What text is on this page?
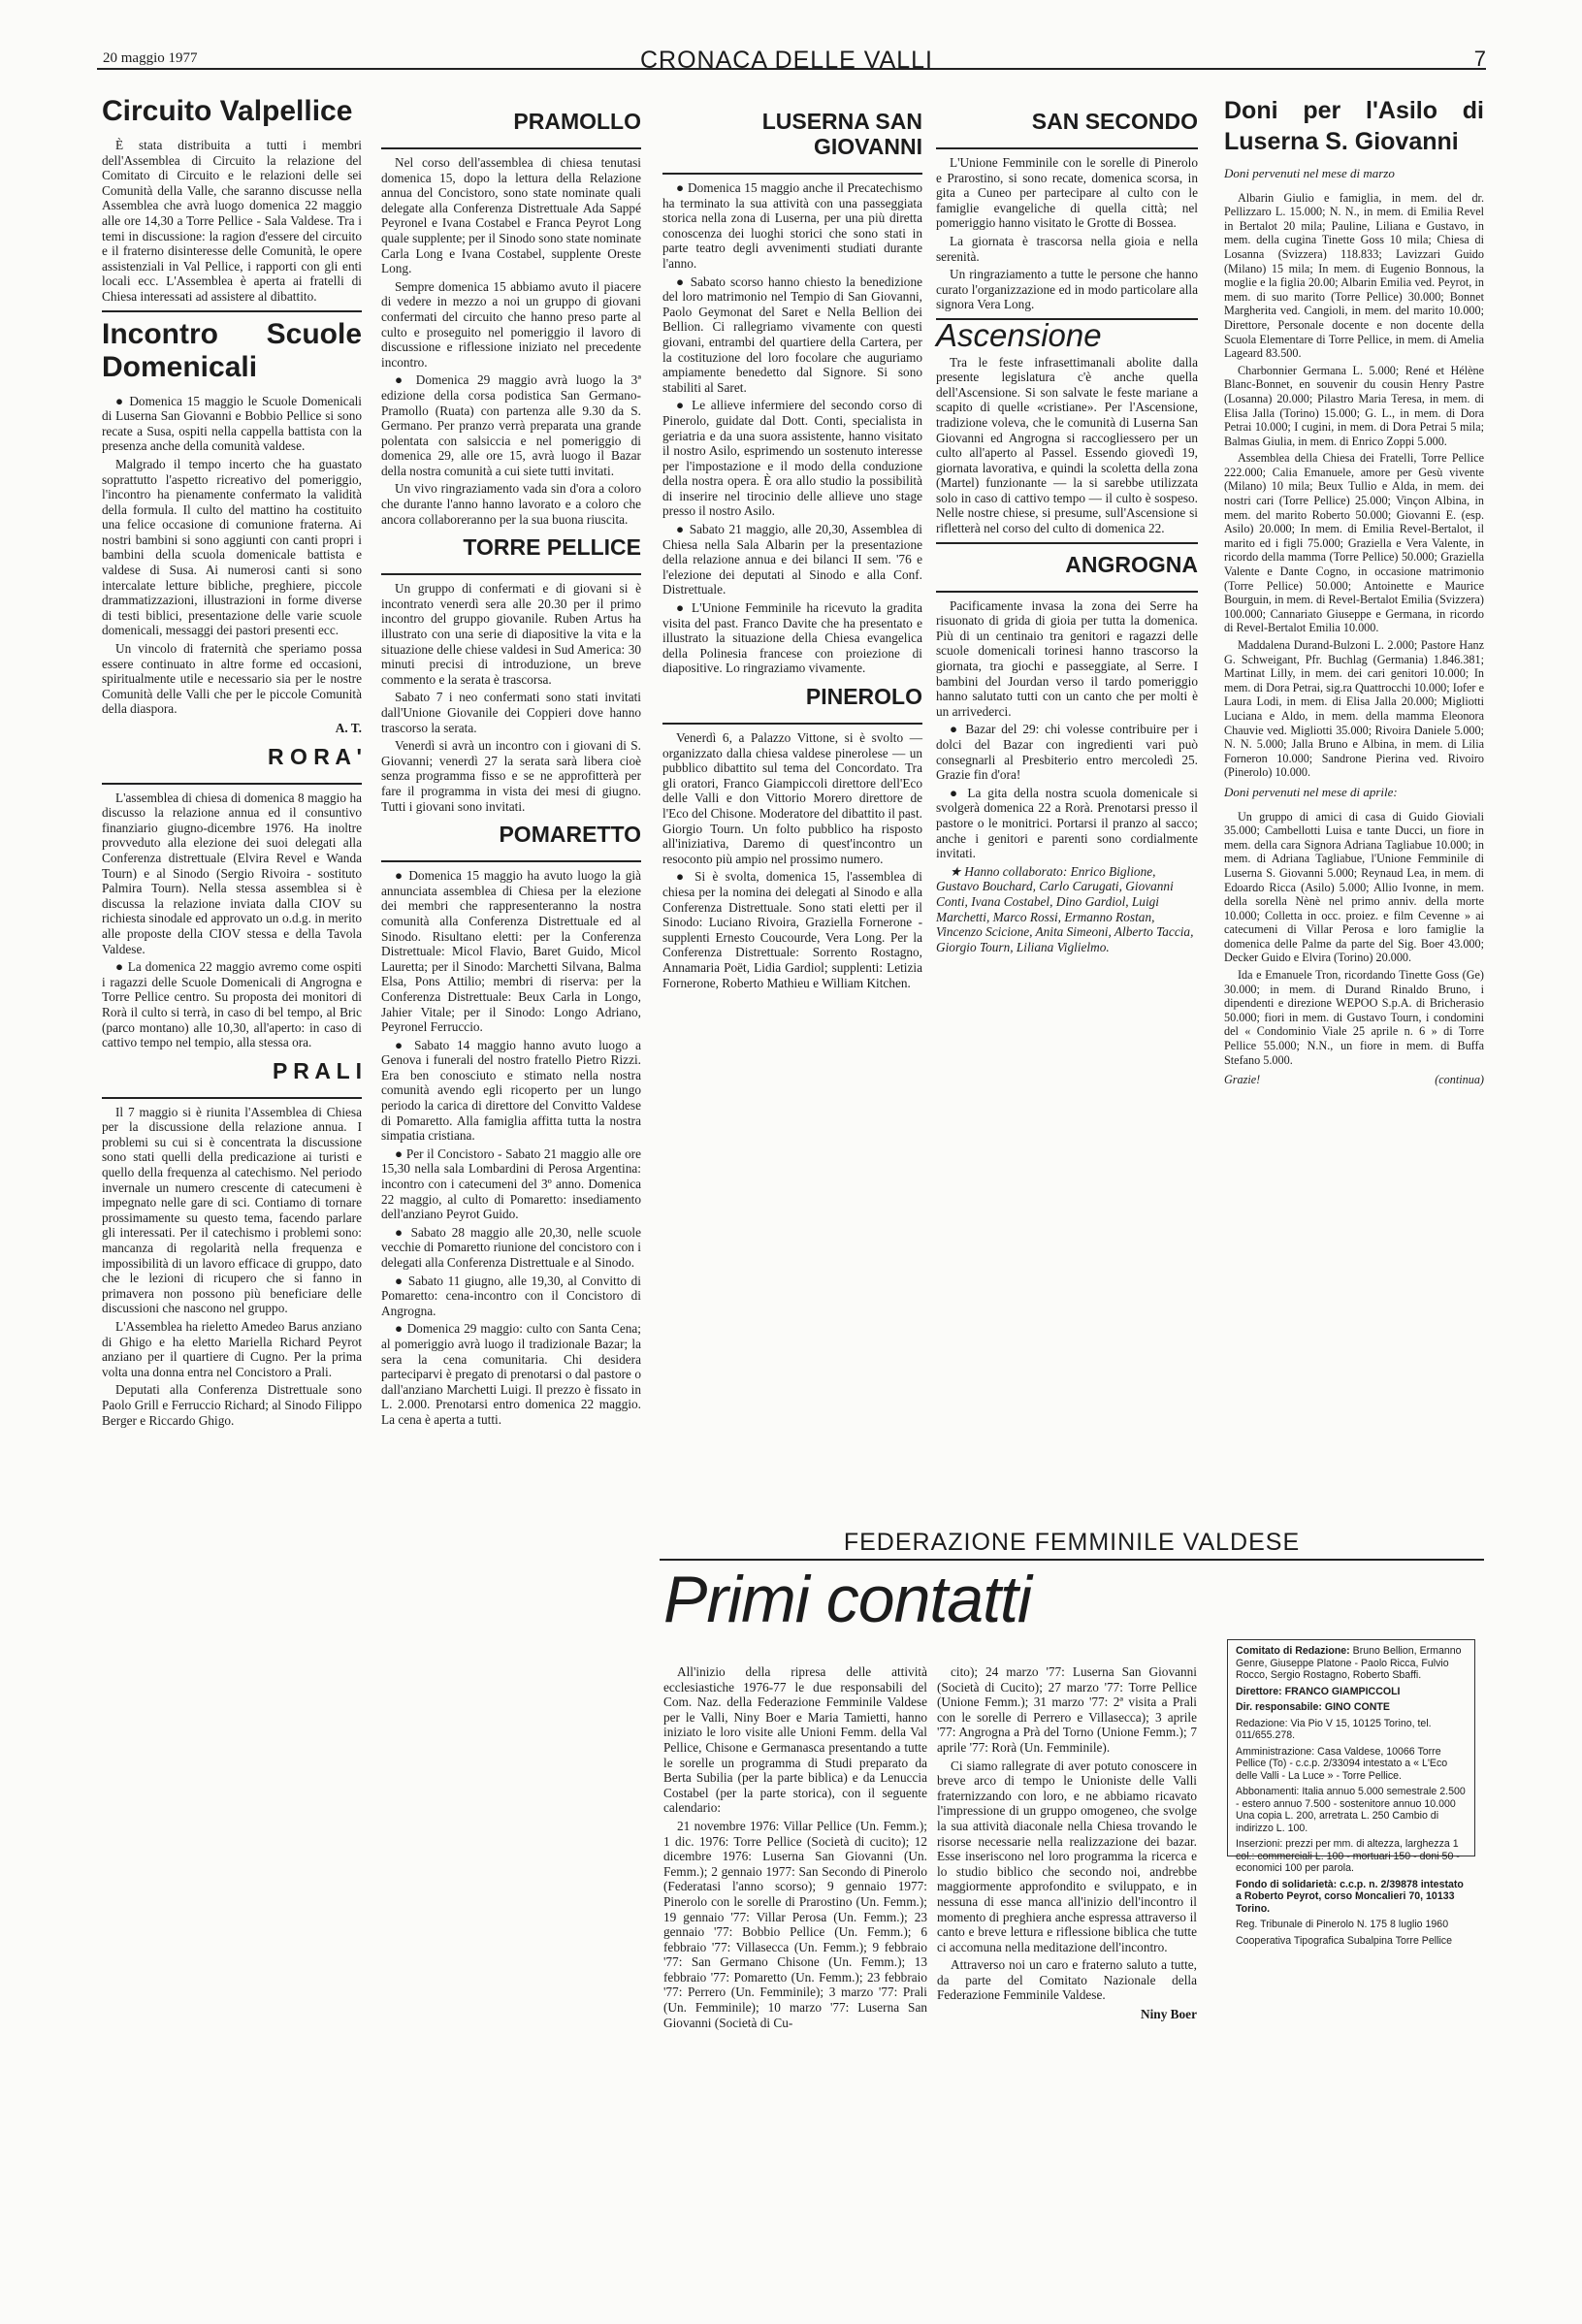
20 maggio 1977	CRONACA DELLE VALLI	7
Circuito Valpellice

È stata distribuita a tutti i membri dell'Assemblea di Circuito la relazione del Comitato di Circuito e le relazioni delle sei Comunità della Valle, che saranno discusse nella Assemblea che avrà luogo domenica 22 maggio alle ore 14,30 a Torre Pellice - Sala Valdese. Tra i temi in discussione: la ragion d'essere del circuito e il fraterno disinteresse delle Comunità, le opere assistenziali in Val Pellice, i rapporti con gli enti locali ecc. L'Assemblea è aperta ai fratelli di Chiesa interessati ad assistere al dibattito.

Incontro Scuole Domenicali

● Domenica 15 maggio le Scuole Domenicali di Luserna San Giovanni e Bobbio Pellice si sono recate a Susa, ospiti nella cappella battista con la presenza anche della comunità valdese.

Malgrado il tempo incerto che ha guastato soprattutto l'aspetto ricreativo del pomeriggio, l'incontro ha pienamente confermato la validità della formula. Il culto del mattino ha costituito una felice occasione di comunione fraterna. Ai nostri bambini si sono aggiunti con canti propri i bambini della scuola domenicale battista e valdese di Susa. Ai numerosi canti si sono intercalate letture bibliche, preghiere, piccole drammatizzazioni, illustrazioni in forme diverse di testi biblici, presentazione delle varie scuole domenicali, messaggi dei pastori presenti ecc.

Un vincolo di fraternità che speriamo possa essere continuato in altre forme ed occasioni, spiritualmente utile e necessario sia per le nostre Comunità delle Valli che per le piccole Comunità della diaspora.

A. T.
R O R A '

L'assemblea di chiesa di domenica 8 maggio ha discusso la relazione annua ed il consuntivo finanziario giugno-dicembre 1976. Ha inoltre provveduto alla elezione dei suoi delegati alla Conferenza distrettuale (Elvira Revel e Wanda Tourn) e al Sinodo (Sergio Rivoira - sostituto Palmira Tourn). Nella stessa assemblea si è discussa la relazione inviata dalla CIOV su richiesta sinodale ed approvato un o.d.g. in merito alle proposte della CIOV stessa e della Tavola Valdese.

● La domenica 22 maggio avremo come ospiti i ragazzi delle Scuole Domenicali di Angrogna e Torre Pellice centro. Su proposta dei monitori di Rorà il culto si terrà, in caso di bel tempo, al Bric (parco montano) alle 10,30, all'aperto: in caso di cattivo tempo nel tempio, alla stessa ora.

P R A L I

Il 7 maggio si è riunita l'Assemblea di Chiesa per la discussione della relazione annua. I problemi su cui si è concentrata la discussione sono stati quelli della predicazione ai turisti e quello della frequenza al catechismo. Nel periodo invernale un numero crescente di catecumeni è impegnato nelle gare di sci. Contiamo di tornare prossimamente su questo tema, facendo parlare gli interessati. Per il catechismo i problemi sono: mancanza di regolarità nella frequenza e impossibilità di un lavoro efficace di gruppo, dato che le lezioni di ricupero che si fanno in primavera non possono più beneficiare delle discussioni che nascono nel gruppo.

L'Assemblea ha rieletto Amedeo Barus anziano di Ghigo e ha eletto Mariella Richard Peyrot anziano per il quartiere di Cugno. Per la prima volta una donna entra nel Concistoro a Prali.

Deputati alla Conferenza Distrettuale sono Paolo Grill e Ferruccio Richard; al Sinodo Filippo Berger e Riccardo Ghigo.

PRAMOLLO

Nel corso dell'assemblea di chiesa tenutasi domenica 15, dopo la lettura della Relazione annua del Concistoro, sono state nominate quali delegate alla Conferenza Distrettuale Ada Sappé Peyronel e Ivana Costabel e Franca Peyrot Long quale supplente; per il Sinodo sono state nominate Carla Long e Ivana Costabel, supplente Oreste Long.

Sempre domenica 15 abbiamo avuto il piacere di vedere in mezzo a noi un gruppo di giovani confermati del circuito che hanno preso parte al culto e proseguito nel pomeriggio il lavoro di discussione e riflessione iniziato nel precedente incontro.

● Domenica 29 maggio avrà luogo la 3ª edizione della corsa podistica San Germano-Pramollo (Ruata) con partenza alle 9.30 da S. Germano. Per pranzo verrà preparata una grande polentata con salsiccia e nel pomeriggio di domenica 29, alle ore 15, avrà luogo il Bazar della nostra comunità a cui siete tutti invitati.

Un vivo ringraziamento vada sin d'ora a coloro che durante l'anno hanno lavorato e a coloro che ancora collaboreranno per la sua buona riuscita.

TORRE PELLICE

Un gruppo di confermati e di giovani si è incontrato venerdì sera alle 20.30 per il primo incontro del gruppo giovanile. Ruben Artus ha illustrato con una serie di diapositive la vita e la situazione delle chiese valdesi in Sud America: 30 minuti precisi di introduzione, un breve commento e la serata è trascorsa.

Sabato 7 i neo confermati sono stati invitati dall'Unione Giovanile dei Coppieri dove hanno trascorso la serata.

Venerdì si avrà un incontro con i giovani di S. Giovanni; venerdì 27 la serata sarà libera cioè senza programma fisso e se ne approfitterà per fare il programma in vista dei mesi di giugno. Tutti i giovani sono invitati.

POMARETTO

● Domenica 15 maggio ha avuto luogo la già annunciata assemblea di Chiesa per la elezione dei membri che rappresenteranno la nostra comunità alla Conferenza Distrettuale ed al Sinodo. Risultano eletti: per la Conferenza Distrettuale: Micol Flavio, Baret Guido, Micol Lauretta; per il Sinodo: Marchetti Silvana, Balma Elsa, Pons Attilio; membri di riserva: per la Conferenza Distrettuale: Beux Carla in Longo, Jahier Vitale; per il Sinodo: Longo Adriano, Peyronel Ferruccio.

● Sabato 14 maggio hanno avuto luogo a Genova i funerali del nostro fratello Pietro Rizzi. Era ben conosciuto e stimato nella nostra comunità avendo egli ricoperto per un lungo periodo la carica di direttore del Convitto Valdese di Pomaretto. Alla famiglia affitta tutta la nostra simpatia cristiana.

● Per il Concistoro - Sabato 21 maggio alle ore 15,30 nella sala Lombardini di Perosa Argentina: incontro con i catecumeni del 3º anno. Domenica 22 maggio, al culto di Pomaretto: insediamento dell'anziano Peyrot Guido.

● Sabato 28 maggio alle 20,30, nelle scuole vecchie di Pomaretto riunione del concistoro con i delegati alla Conferenza Distrettuale e al Sinodo.

● Sabato 11 giugno, alle 19,30, al Convitto di Pomaretto: cena-incontro con il Concistoro di Angrogna.

● Domenica 29 maggio: culto con Santa Cena; al pomeriggio avrà luogo il tradizionale Bazar; la sera la cena comunitaria. Chi desidera parteciparvi è pregato di prenotarsi o dal pastore o dall'anziano Marchetti Luigi. Il prezzo è fissato in L. 2.000. Prenotarsi entro domenica 22 maggio. La cena è aperta a tutti.

LUSERNA SAN GIOVANNI

● Domenica 15 maggio anche il Precatechismo ha terminato la sua attività con una passeggiata storica nella zona di Luserna, per una più diretta conoscenza dei luoghi storici che sono stati in parte teatro degli avvenimenti studiati durante l'anno.

● Sabato scorso hanno chiesto la benedizione del loro matrimonio nel Tempio di San Giovanni, Paolo Geymonat del Saret e Nella Bellion dei Bellion. Ci rallegriamo vivamente con questi giovani, entrambi del quartiere della Cartera, per la costituzione del loro focolare che auguriamo ampiamente benedetto dal Signore. Si sono stabiliti al Saret.

● Le allieve infermiere del secondo corso di Pinerolo, guidate dal Dott. Conti, specialista in geriatria e da una suora assistente, hanno visitato il nostro Asilo, esprimendo un sostenuto interesse per l'impostazione e il modo della conduzione della nostra opera. È ora allo studio la possibilità di inserire nel tirocinio delle allieve uno stage presso il nostro Asilo.

● Sabato 21 maggio, alle 20,30, Assemblea di Chiesa nella Sala Albarin per la presentazione della relazione annua e dei bilanci II sem. '76 e l'elezione dei deputati al Sinodo e alla Conf. Distrettuale.

● L'Unione Femminile ha ricevuto la gradita visita del past. Franco Davite che ha presentato e illustrato la situazione della Chiesa evangelica della Polinesia francese con proiezione di diapositive. Lo ringraziamo vivamente.

PINEROLO

Venerdì 6, a Palazzo Vittone, si è svolto — organizzato dalla chiesa valdese pinerolese — un pubblico dibattito sul tema del Concordato. Tra gli oratori, Franco Giampiccoli direttore dell'Eco delle Valli e don Vittorio Morero direttore de l'Eco del Chisone. Moderatore del dibattito il past. Giorgio Tourn. Un folto pubblico ha risposto all'iniziativa, Daremo di quest'incontro un resoconto più ampio nel prossimo numero.

● Si è svolta, domenica 15, l'assemblea di chiesa per la nomina dei delegati al Sinodo e alla Conferenza Distrettuale. Sono stati eletti per il Sinodo: Luciano Rivoira, Graziella Fornerone - supplenti Ernesto Coucourde, Vera Long. Per la Conferenza Distrettuale: Sorrento Rostagno, Annamaria Poët, Lidia Gardiol; supplenti: Letizia Fornerone, Roberto Mathieu e William Kitchen.

SAN SECONDO

L'Unione Femminile con le sorelle di Pinerolo e Prarostino, si sono recate, domenica scorsa, in gita a Cuneo per partecipare al culto con le famiglie evangeliche di quella città; nel pomeriggio hanno visitato le Grotte di Bossea.

La giornata è trascorsa nella gioia e nella serenità.

Un ringraziamento a tutte le persone che hanno curato l'organizzazione ed in modo particolare alla signora Vera Long.

Ascensione

Tra le feste infrasettimanali abolite dalla presente legislatura c'è anche quella dell'Ascensione. Si son salvate le feste mariane a scapito di quelle «cristiane». Per l'Ascensione, tradizione voleva, che le comunità di Luserna San Giovanni ed Angrogna si raccogliessero per un culto all'aperto al Passel. Essendo giovedì 19, giornata lavorativa, e quindi la scoletta della zona (Martel) funzionante — la si sarebbe utilizzata solo in caso di cattivo tempo — il culto è sospeso. Nelle nostre chiese, si presume, sull'Ascensione si rifletterà nel corso del culto di domenica 22.

ANGROGNA

Pacificamente invasa la zona dei Serre ha risuonato di grida di gioia per tutta la domenica. Più di un centinaio tra genitori e ragazzi delle scuole domenicali torinesi hanno trascorso la giornata, tra giochi e passeggiate, al Serre. I bambini del Jourdan verso il tardo pomeriggio hanno salutato tutti con un canto che per molti è un arrivederci.

● Bazar del 29: chi volesse contribuire per i dolci del Bazar con ingredienti vari può consegnarli al Presbiterio entro mercoledì 25. Grazie fin d'ora!

● La gita della nostra scuola domenicale si svolgerà domenica 22 a Rorà. Prenotarsi presso il pastore o le monitrici. Portarsi il pranzo al sacco; anche i genitori e parenti sono cordialmente invitati.

★ Hanno collaborato: Enrico Biglione, Gustavo Bouchard, Carlo Carugati, Giovanni Conti, Ivana Costabel, Dino Gardiol, Luigi Marchetti, Marco Rossi, Ermanno Rostan, Vincenzo Scicione, Anita Simeoni, Alberto Taccia, Giorgio Tourn, Liliana Viglielmo.

Doni per l'Asilo di Luserna S. Giovanni
Doni pervenuti nel mese di marzo

Albarin Giulio e famiglia, in mem. del dr. Pellizzaro L. 15.000; N. N., in mem. di Emilia Revel in Bertalot 20 mila; Pauline, Liliana e Gustavo, in mem. della cugina Tinette Goss 10 mila; Chiesa di Losanna (Svizzera) 118.833; Lavizzari Guido (Milano) 15 mila; In mem. di Eugenio Bonnous, la moglie e la figlia 20.00; Albarin Emilia ved. Peyrot, in mem. di suo marito (Torre Pellice) 30.000; Bonnet Margherita ved. Cangioli, in mem. del marito 10.000; Direttore, Personale docente e non docente della Scuola Elementare di Torre Pellice, in mem. di Amelia Lageard 83.500.

Charbonnier Germana L. 5.000; René et Hélène Blanc-Bonnet, en souvenir du cousin Henry Pastre (Losanna) 20.000; Pilastro Maria Teresa, in mem. di Elisa Jalla (Torino) 15.000; G. L., in mem. di Dora Petrai 10.000; I cugini, in mem. di Dora Petrai 5 mila; Balmas Giulia, in mem. di Enrico Zoppi 5.000.

Assemblea della Chiesa dei Fratelli, Torre Pellice 222.000; Calia Emanuele, amore per Gesù vivente (Milano) 10 mila; Beux Tullio e Alda, in mem. dei nostri cari (Torre Pellice) 25.000; Vinçon Albina, in mem. del marito Roberto 50.000; Giovanni E. (esp. Asilo) 20.000; In mem. di Emilia Revel-Bertalot, il marito ed i figli 75.000; Graziella e Vera Valente, in ricordo della mamma (Torre Pellice) 50.000; Graziella Valente e Dante Cogno, in occasione matrimonio (Torre Pellice) 50.000; Antoinette e Maurice Bourguin, in mem. di Revel-Bertalot Emilia (Svizzera) 100.000; Cannariato Giuseppe e Germana, in ricordo di Revel-Bertalot Emilia 10.000.

Maddalena Durand-Bulzoni L. 2.000; Pastore Hanz G. Schweigant, Pfr. Buchlag (Germania) 1.846.381; Martinat Lilly, in mem. dei cari genitori 10.000; In mem. di Dora Petrai, sig.ra Quattrocchi 10.000; Iofer e Laura Lodi, in mem. di Elisa Jalla 20.000; Migliotti Luciana e Aldo, in mem. della mamma Eleonora Chauvie ved. Migliotti 35.000; Rivoira Daniele 5.000; N. N. 5.000; Jalla Bruno e Albina, in mem. di Lilia Forneron 10.000; Sandrone Pierina ved. Rivoiro (Pinerolo) 10.000.

Doni pervenuti nel mese di aprile:

Un gruppo di amici di casa di Guido Gioviali 35.000; Cambellotti Luisa e tante Ducci, un fiore in mem. della cara Signora Adriana Tagliabue 10.000; in mem. di Adriana Tagliabue, l'Unione Femminile di Luserna S. Giovanni 5.000; Reynaud Lea, in mem. di Edoardo Ricca (Asilo) 5.000; Allio Ivonne, in mem. della sorella Nènè nel primo anniv. della morte 10.000; Colletta in occ. proiez. e film Cevenne » ai catecumeni di Villar Perosa e loro famiglie la domenica delle Palme da parte del Sig. Boer 43.000; Decker Guido e Elvira (Torino) 20.000.

Ida e Emanuele Tron, ricordando Tinette Goss (Ge) 30.000; in mem. di Durand Rinaldo Bruno, i dipendenti e direzione WEPOO S.p.A. di Bricherasio 50.000; fiori in mem. di Gustavo Tourn, i condomini del « Condominio Viale 25 aprile n. 6 » di Torre Pellice 55.000; N.N., un fiore in mem. di Buffa Stefano 5.000.

Grazie!	(continua)
FEDERAZIONE FEMMINILE VALDESE
Primi contatti

All'inizio della ripresa delle attività ecclesiastiche 1976-77 le due responsabili del Com. Naz. della Federazione Femminile Valdese per le Valli, Niny Boer e Maria Tamietti, hanno iniziato le loro visite alle Unioni Femm. della Val Pellice, Chisone e Germanasca presentando a tutte le sorelle un programma di Studi preparato da Berta Subilia (per la parte biblica) e da Lenuccia Costabel (per la parte storica), con il seguente calendario:

21 novembre 1976: Villar Pellice (Un. Femm.); 1 dic. 1976: Torre Pellice (Società di cucito); 12 dicembre 1976: Luserna San Giovanni (Un. Femm.); 2 gennaio 1977: San Secondo di Pinerolo (Federatasi l'anno scorso); 9 gennaio 1977: Pinerolo con le sorelle di Prarostino (Un. Femm.); 19 gennaio '77: Villar Perosa (Un. Femm.); 23 gennaio '77: Bobbio Pellice (Un. Femm.); 6 febbraio '77: Villasecca (Un. Femm.); 9 febbraio '77: San Germano Chisone (Un. Femm.); 13 febbraio '77: Pomaretto (Un. Femm.); 23 febbraio '77: Perrero (Un. Femminile); 3 marzo '77: Prali (Un. Femminile); 10 marzo '77: Luserna San Giovanni (Società di Cu-

cito); 24 marzo '77: Luserna San Giovanni (Società di Cucito); 27 marzo '77: Torre Pellice (Unione Femm.); 31 marzo '77: 2ª visita a Prali con le sorelle di Perrero e Villasecca); 3 aprile '77: Angrogna a Prà del Torno (Unione Femm.); 7 aprile '77: Rorà (Un. Femminile).

Ci siamo rallegrate di aver potuto conoscere in breve arco di tempo le Unioniste delle Valli fraternizzando con loro, e ne abbiamo ricavato l'impressione di un gruppo omogeneo, che svolge la sua attività diaconale nella Chiesa trovando le risorse necessarie nella realizzazione dei bazar. Esse inseriscono nel loro programma la ricerca e lo studio biblico che secondo noi, andrebbe maggiormente approfondito e sviluppato, e in nessuna di esse manca all'inizio dell'incontro il momento di preghiera anche espressa attraverso il canto e breve lettura e riflessione biblica che tutte ci accomuna nella meditazione dell'incontro.

Attraverso noi un caro e fraterno saluto a tutte, da parte del Comitato Nazionale della Federazione Femminile Valdese.

Niny Boer

Comitato di Redazione: Bruno Bellion, Ermanno Genre, Giuseppe Platone - Paolo Ricca, Fulvio Rocco, Sergio Rostagno, Roberto Sbaffi.

Direttore: FRANCO GIAMPICCOLI

Dir. responsabile: GINO CONTE

Redazione: Via Pio V 15, 10125 Torino, tel. 011/655.278.

Amministrazione: Casa Valdese, 10066 Torre Pellice (To) - c.c.p. 2/33094 intestato a « L'Eco delle Valli - La Luce » - Torre Pellice.

Abbonamenti: Italia annuo 5.000 semestrale 2.500 - estero annuo 7.500 - sostenitore annuo 10.000 Una copia L. 200, arretrata L. 250 Cambio di indirizzo L. 100.

Inserzioni: prezzi per mm. di altezza, larghezza 1 col.: commerciali L. 100 - mortuari 150 - doni 50 - economici 100 per parola.

Fondo di solidarietà: c.c.p. n. 2/39878 intestato a Roberto Peyrot, corso Moncalieri 70, 10133 Torino.

Reg. Tribunale di Pinerolo N. 175 8 luglio 1960

Cooperativa Tipografica Subalpina Torre Pellice
